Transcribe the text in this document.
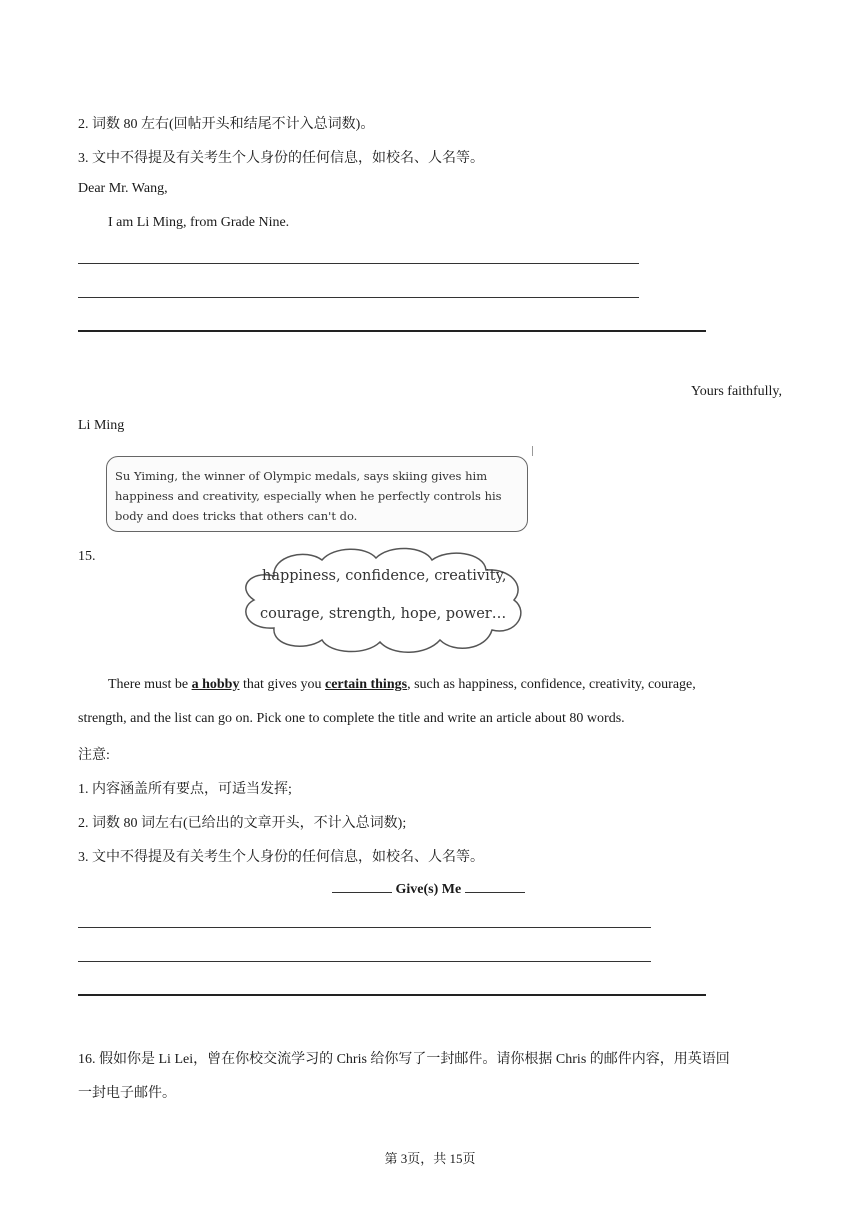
2. 词数 80 左右(回帖开头和结尾不计入总词数)。
3. 文中不得提及有关考生个人身份的任何信息，如校名、人名等。
Dear Mr. Wang,
I am Li Ming, from Grade Nine.
Yours faithfully,
Li Ming
Su Yiming, the winner of Olympic medals, says skiing gives him happiness and creativity, especially when he perfectly controls his body and does tricks that others can't do.
15.
happiness, confidence, creativity,
courage, strength, hope, power…
There must be a hobby that gives you certain things, such as happiness, confidence, creativity, courage,
strength, and the list can go on. Pick one to complete the title and write an article about 80 words.
注意:
1. 内容涵盖所有要点，可适当发挥;
2. 词数 80 词左右(已给出的文章开头，不计入总词数);
3. 文中不得提及有关考生个人身份的任何信息，如校名、人名等。
Give(s) Me
16. 假如你是 Li Lei，曾在你校交流学习的 Chris 给你写了一封邮件。请你根据 Chris 的邮件内容，用英语回
一封电子邮件。
第 3页，共 15页
